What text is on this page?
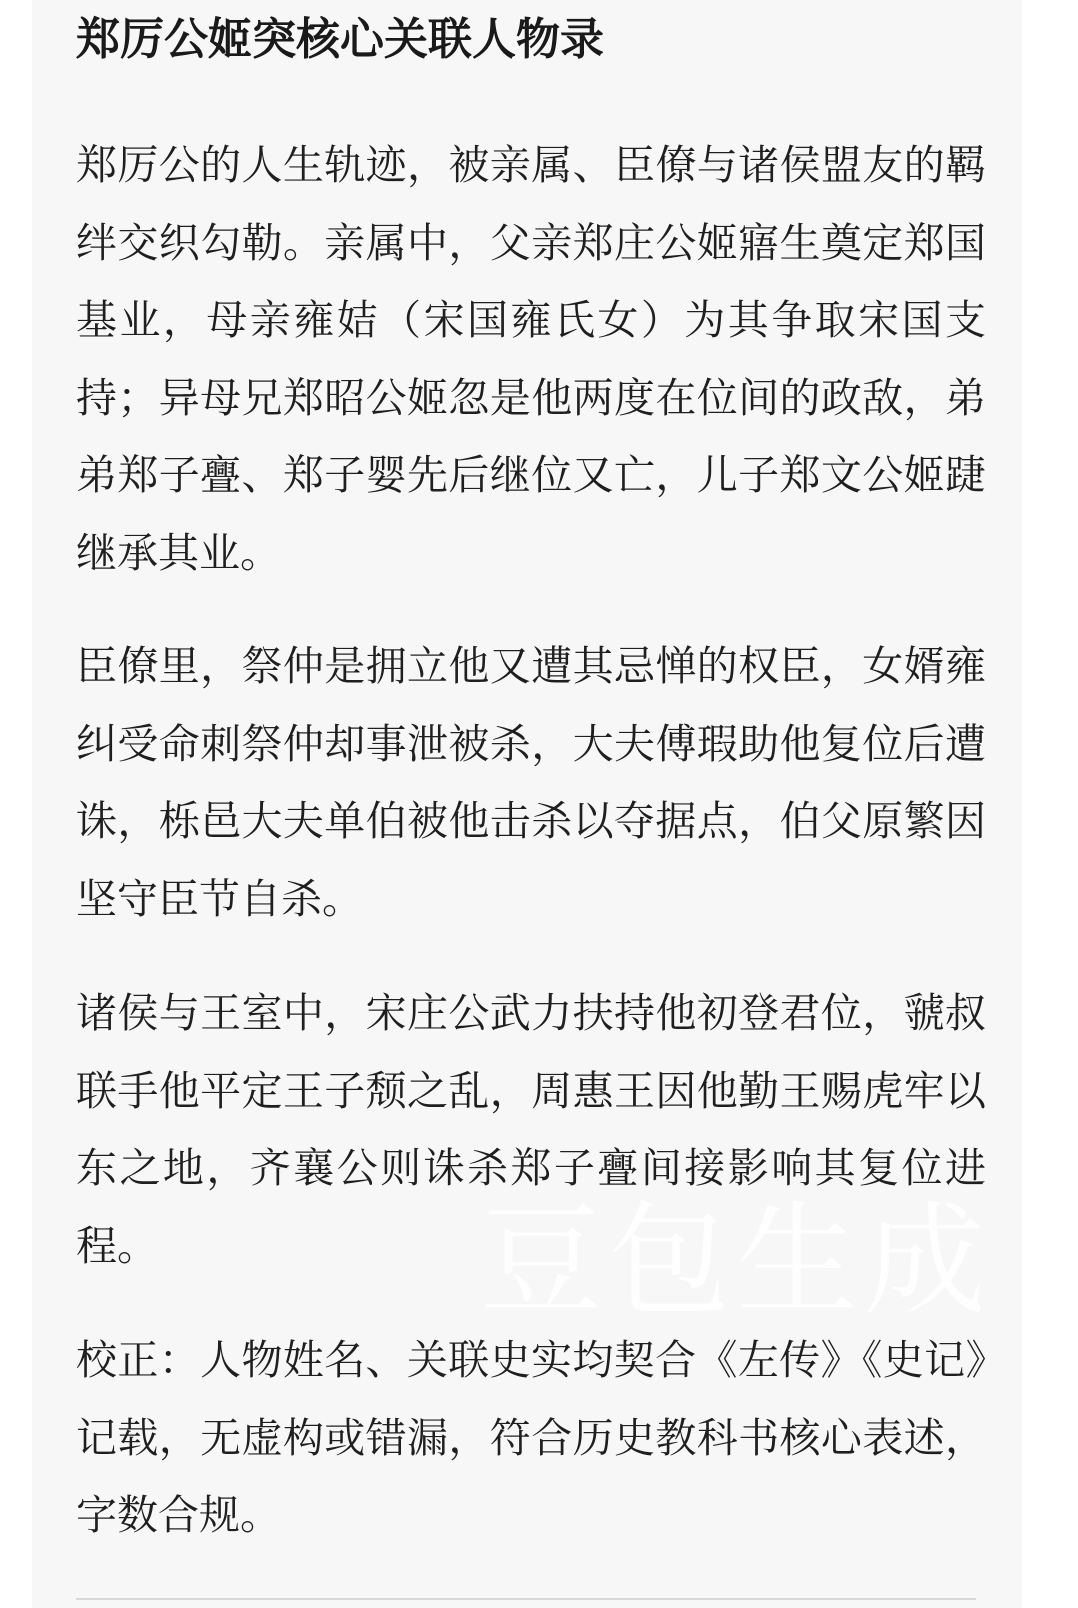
郑厉公姬突核心关联人物录

郑厉公的人生轨迹，被亲属、臣僚与诸侯盟友的羁绊交织勾勒。亲属中，父亲郑庄公姬寤生奠定郑国基业，母亲雍姞（宋国雍氏女）为其争取宋国支持；异母兄郑昭公姬忽是他两度在位间的政敌，弟弟郑子亹、郑子婴先后继位又亡，儿子郑文公姬踕继承其业。

臣僚里，祭仲是拥立他又遭其忌惮的权臣，女婿雍纠受命刺祭仲却事泄被杀，大夫傅瑕助他复位后遭诛，栎邑大夫单伯被他击杀以夺据点，伯父原繁因坚守臣节自杀。

诸侯与王室中，宋庄公武力扶持他初登君位，虢叔联手他平定王子颓之乱，周惠王因他勤王赐虎牢以东之地，齐襄公则诛杀郑子亹间接影响其复位进程。

校正：人物姓名、关联史实均契合《左传》《史记》记载，无虚构或错漏，符合历史教科书核心表述，字数合规。

豆包生成
